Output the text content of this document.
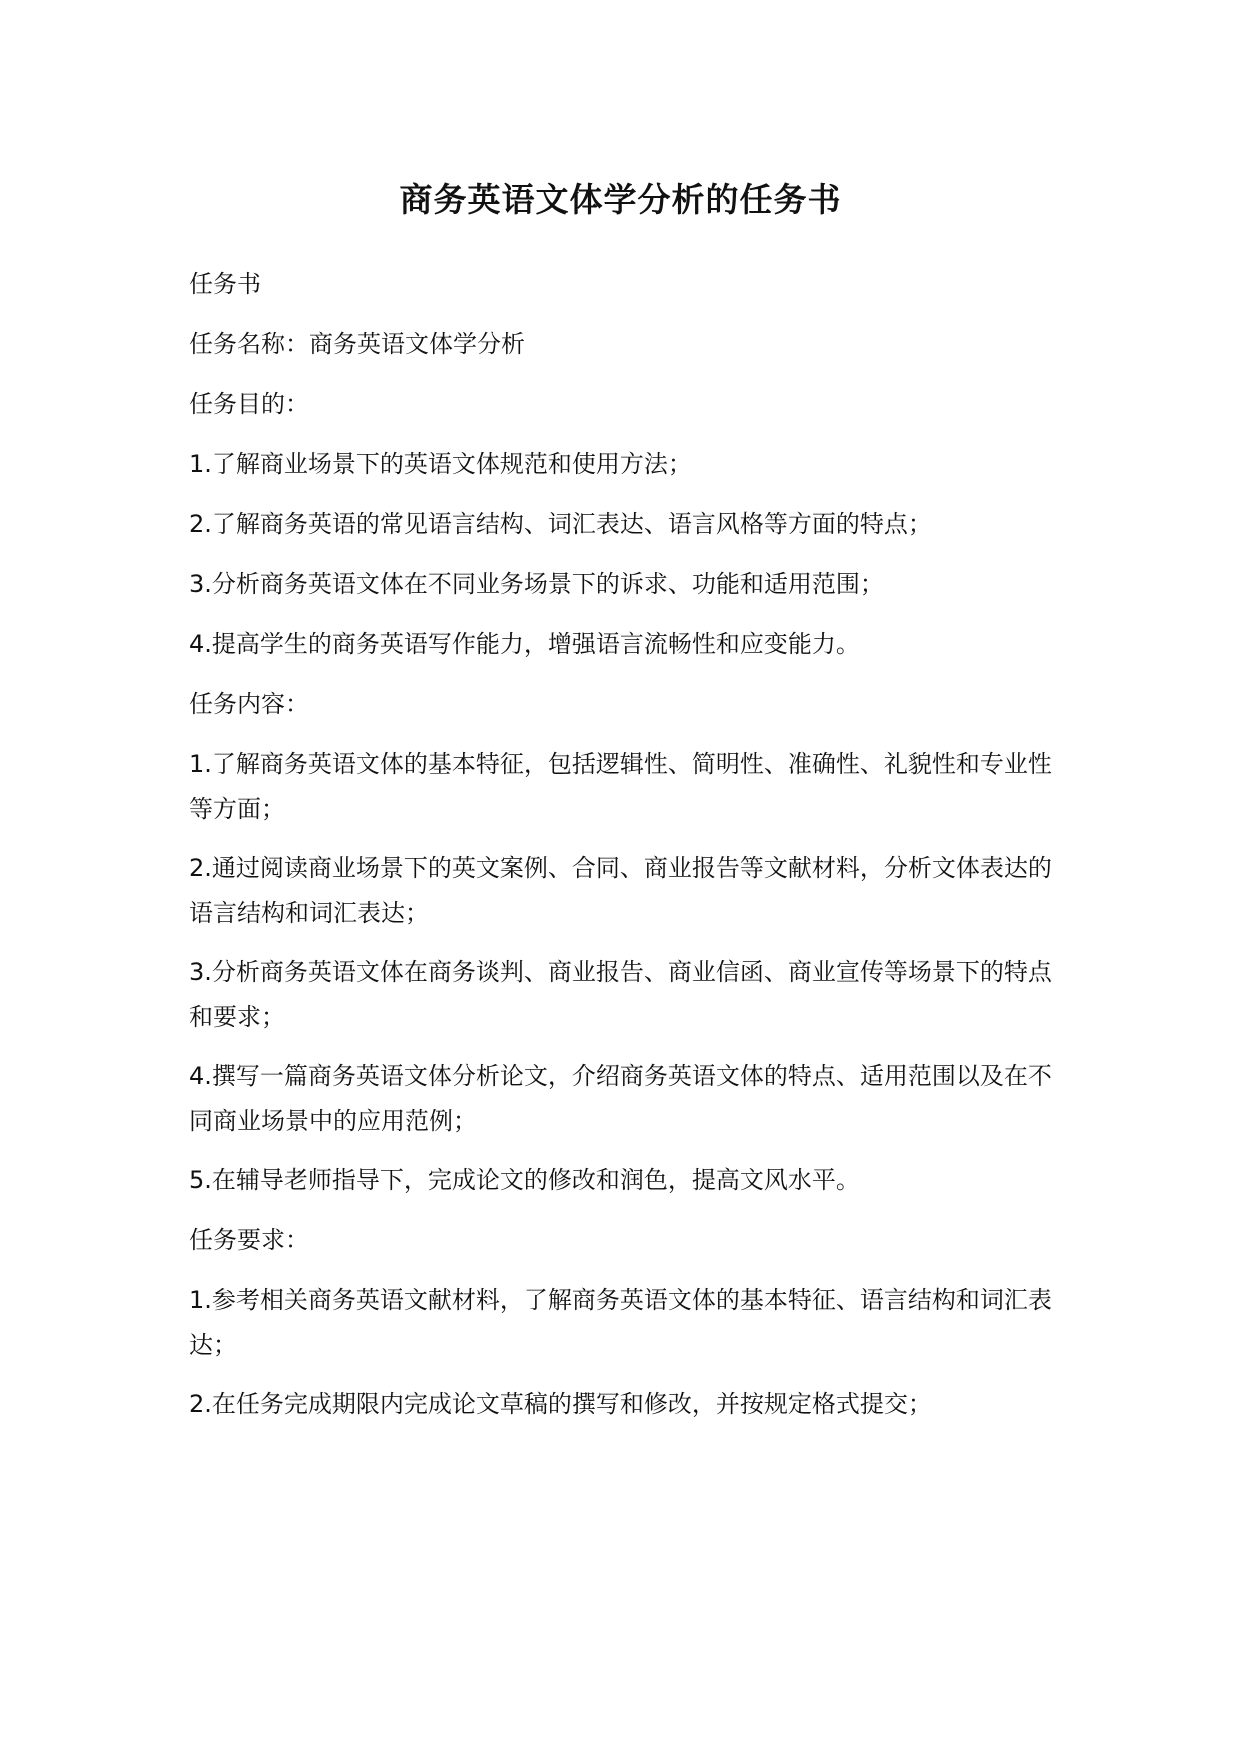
商务英语文体学分析的任务书

任务书

任务名称：商务英语文体学分析

任务目的：

1.了解商业场景下的英语文体规范和使用方法；

2.了解商务英语的常见语言结构、词汇表达、语言风格等方面的特点；

3.分析商务英语文体在不同业务场景下的诉求、功能和适用范围；

4.提高学生的商务英语写作能力，增强语言流畅性和应变能力。

任务内容：

1.了解商务英语文体的基本特征，包括逻辑性、简明性、准确性、礼貌性和专业性等方面；

2.通过阅读商业场景下的英文案例、合同、商业报告等文献材料，分析文体表达的语言结构和词汇表达；

3.分析商务英语文体在商务谈判、商业报告、商业信函、商业宣传等场景下的特点和要求；

4.撰写一篇商务英语文体分析论文，介绍商务英语文体的特点、适用范围以及在不同商业场景中的应用范例；

5.在辅导老师指导下，完成论文的修改和润色，提高文风水平。

任务要求：

1.参考相关商务英语文献材料，了解商务英语文体的基本特征、语言结构和词汇表达；

2.在任务完成期限内完成论文草稿的撰写和修改，并按规定格式提交；
